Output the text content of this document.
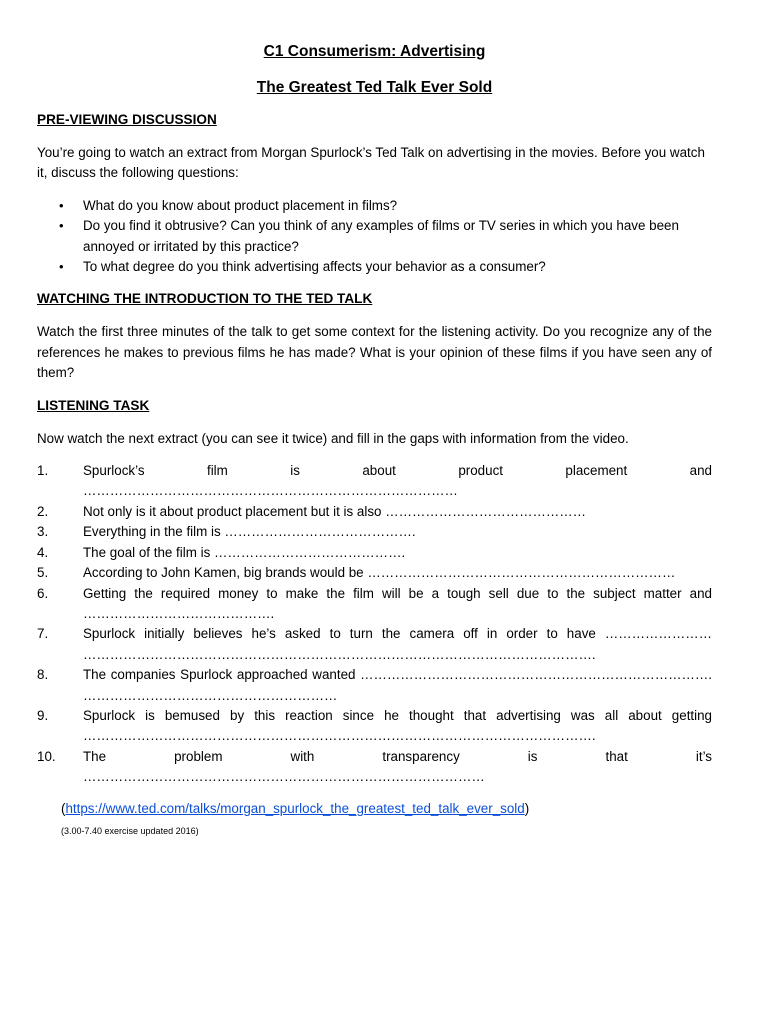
C1 Consumerism: Advertising
The Greatest Ted Talk Ever Sold
PRE-VIEWING DISCUSSION

You’re going to watch an extract from Morgan Spurlock’s Ted Talk on advertising in the movies. Before you watch it, discuss the following questions:

• What do you know about product placement in films?
• Do you find it obtrusive? Can you think of any examples of films or TV series in which you have been annoyed or irritated by this practice?
• To what degree do you think advertising affects your behavior as a consumer?
WATCHING THE INTRODUCTION TO THE TED TALK

Watch the first three minutes of the talk to get some context for the listening activity. Do you recognize any of the references he makes to previous films he has made? What is your opinion of these films if you have seen any of them?

LISTENING TASK

Now watch the next extract (you can see it twice) and fill in the gaps with information from the video.

1.	Spurlock’s film is about product placement and …………………………………………………………………………
2.	Not only is it about product placement but it is also ………………………………………
3.	Everything in the film is …………………………………….
4.	The goal of the film is …………………………………….
5.	According to John Kamen, big brands would be ……………………………………………………………
6.	Getting the required money to make the film will be a tough sell due to the subject matter and …………………………………….
7.	Spurlock initially believes he’s asked to turn the camera off in order to have …………………… …………………………………………………………………………………………………….
8.	The companies Spurlock approached wanted ……………………………………………………………………. …………………………………………………
9.	Spurlock is bemused by this reaction since he thought that advertising was all about getting …………………………………………………………………………………………………….
10.	The problem with transparency is that it’s ………………………………………………………………………………

(https://www.ted.com/talks/morgan_spurlock_the_greatest_ted_talk_ever_sold)

(3.00-7.40 exercise updated 2016)
